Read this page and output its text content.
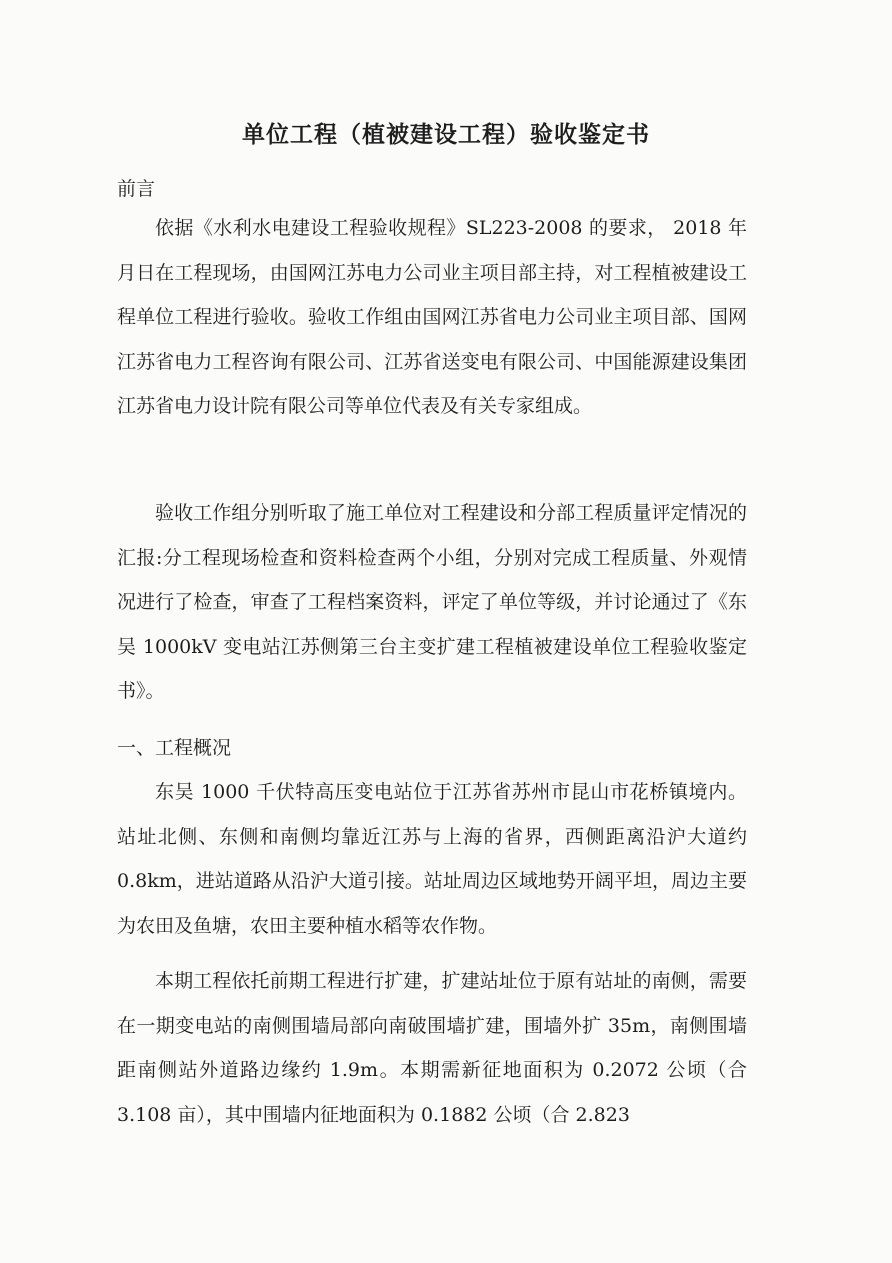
单位工程（植被建设工程）验收鉴定书
前言

依据《水利水电建设工程验收规程》SL223-2008 的要求， 2018 年 月日在工程现场，由国网江苏电力公司业主项目部主持，对工程植被建设工程单位工程进行验收。验收工作组由国网江苏省电力公司业主项目部、国网江苏省电力工程咨询有限公司、江苏省送变电有限公司、中国能源建设集团江苏省电力设计院有限公司等单位代表及有关专家组成。

验收工作组分别听取了施工单位对工程建设和分部工程质量评定情况的汇报:分工程现场检查和资料检查两个小组，分别对完成工程质量、外观情况进行了检查，审查了工程档案资料，评定了单位等级，并讨论通过了《东吴 1000kV 变电站江苏侧第三台主变扩建工程植被建设单位工程验收鉴定书》。

一、工程概况

东吴 1000 千伏特高压变电站位于江苏省苏州市昆山市花桥镇境内。站址北侧、东侧和南侧均靠近江苏与上海的省界，西侧距离沿沪大道约 0.8km，进站道路从沿沪大道引接。站址周边区域地势开阔平坦，周边主要为农田及鱼塘，农田主要种植水稻等农作物。

本期工程依托前期工程进行扩建，扩建站址位于原有站址的南侧，需要在一期变电站的南侧围墙局部向南破围墙扩建，围墙外扩 35m，南侧围墙距南侧站外道路边缘约 1.9m。本期需新征地面积为 0.2072 公顷（合 3.108 亩），其中围墙内征地面积为 0.1882 公顷（合 2.823
